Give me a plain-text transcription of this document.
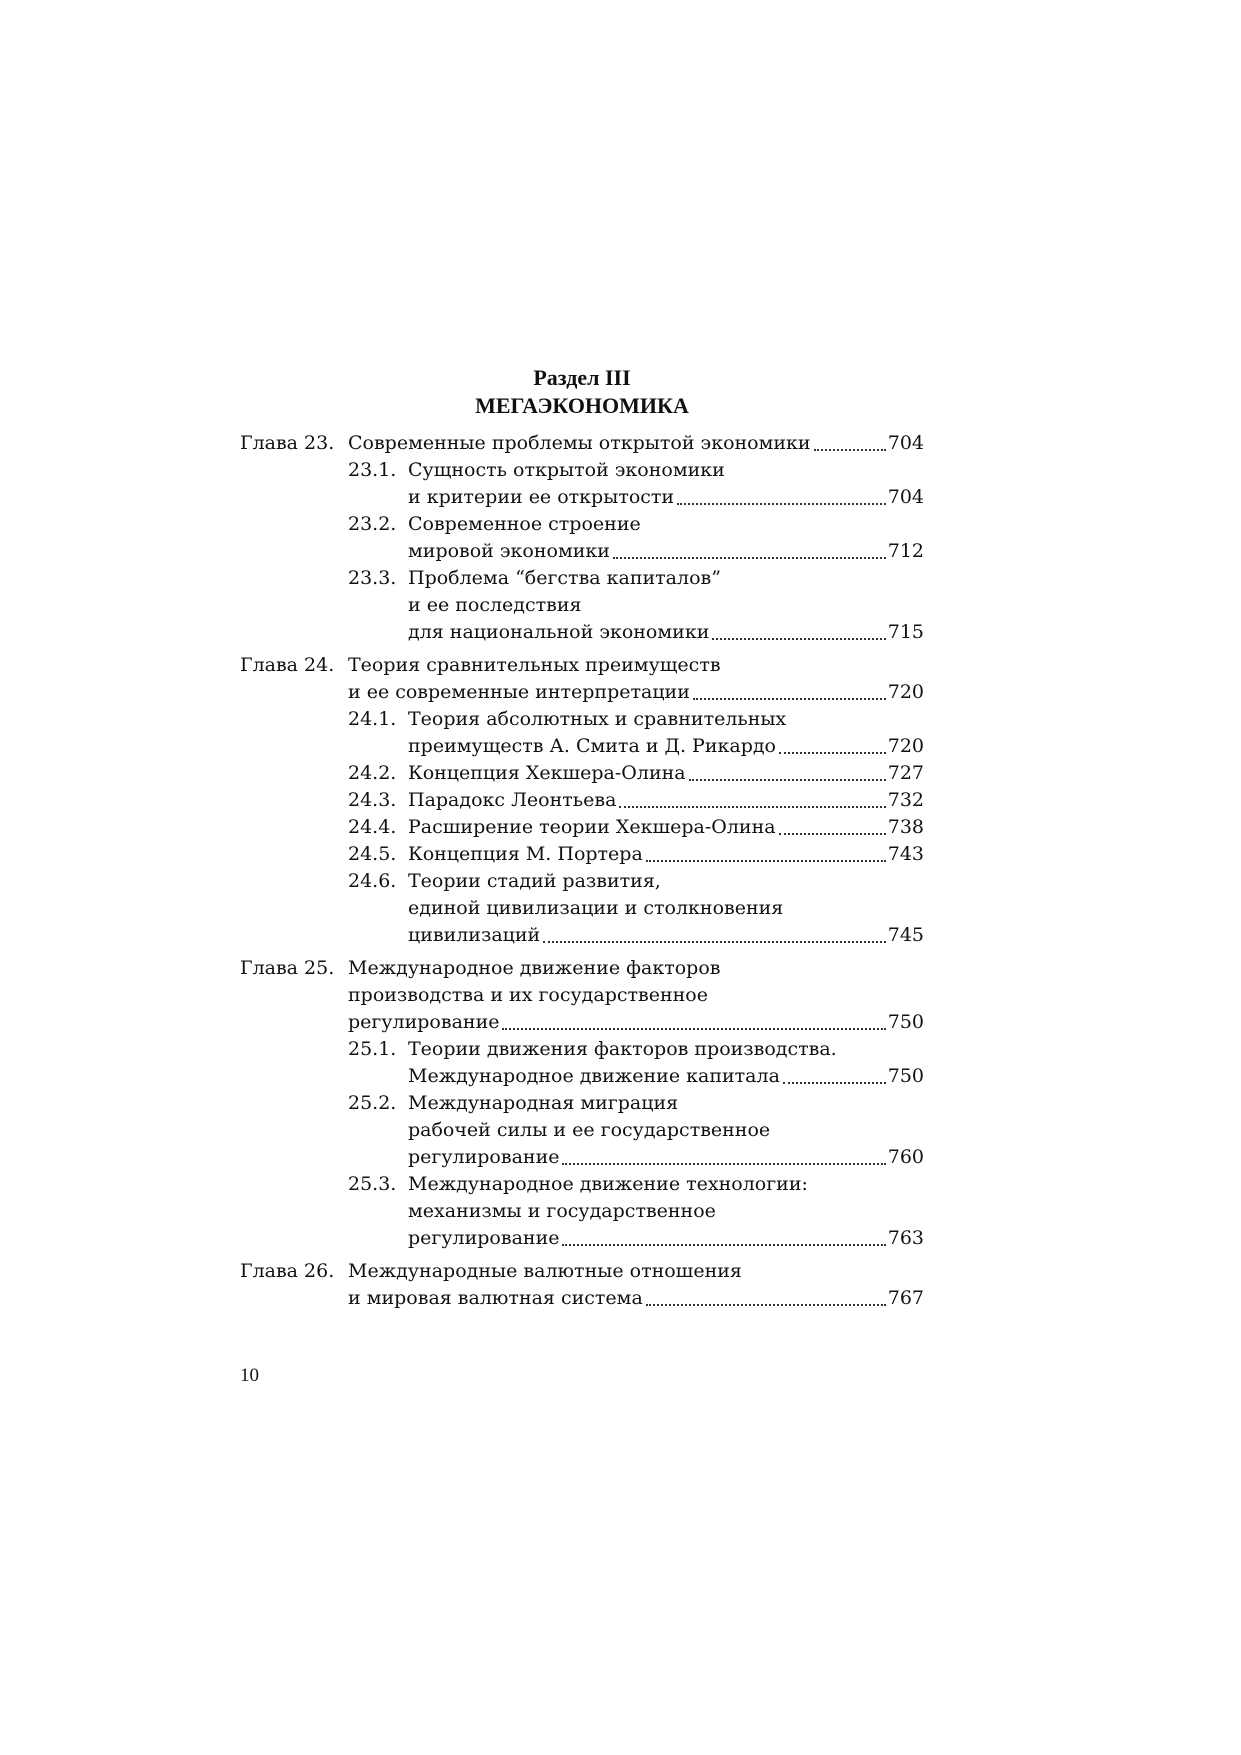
Раздел III
МЕГАЭКОНОМИКА
Глава 23. Современные проблемы открытой экономики	704
23.1. Сущность открытой экономики
и критерии ее открытости	704
23.2. Современное строение
мировой экономики	712
23.3. Проблема “бегства капиталов”
и ее последствия
для национальной экономики	715
Глава 24. Теория сравнительных преимуществ
и ее современные интерпретации	720
24.1. Теория абсолютных и сравнительных
преимуществ А. Смита и Д. Рикардо	720
24.2. Концепция Хекшера-Олина	727
24.3. Парадокс Леонтьева	732
24.4. Расширение теории Хекшера-Олина	738
24.5. Концепция М. Портера	743
24.6. Теории стадий развития,
единой цивилизации и столкновения
цивилизаций	745
Глава 25. Международное движение факторов
производства и их государственное
регулирование	750
25.1. Теории движения факторов производства.
Международное движение капитала	750
25.2. Международная миграция
рабочей силы и ее государственное
регулирование	760
25.3. Международное движение технологии:
механизмы и государственное
регулирование	763
Глава 26. Международные валютные отношения
и мировая валютная система	767
10
